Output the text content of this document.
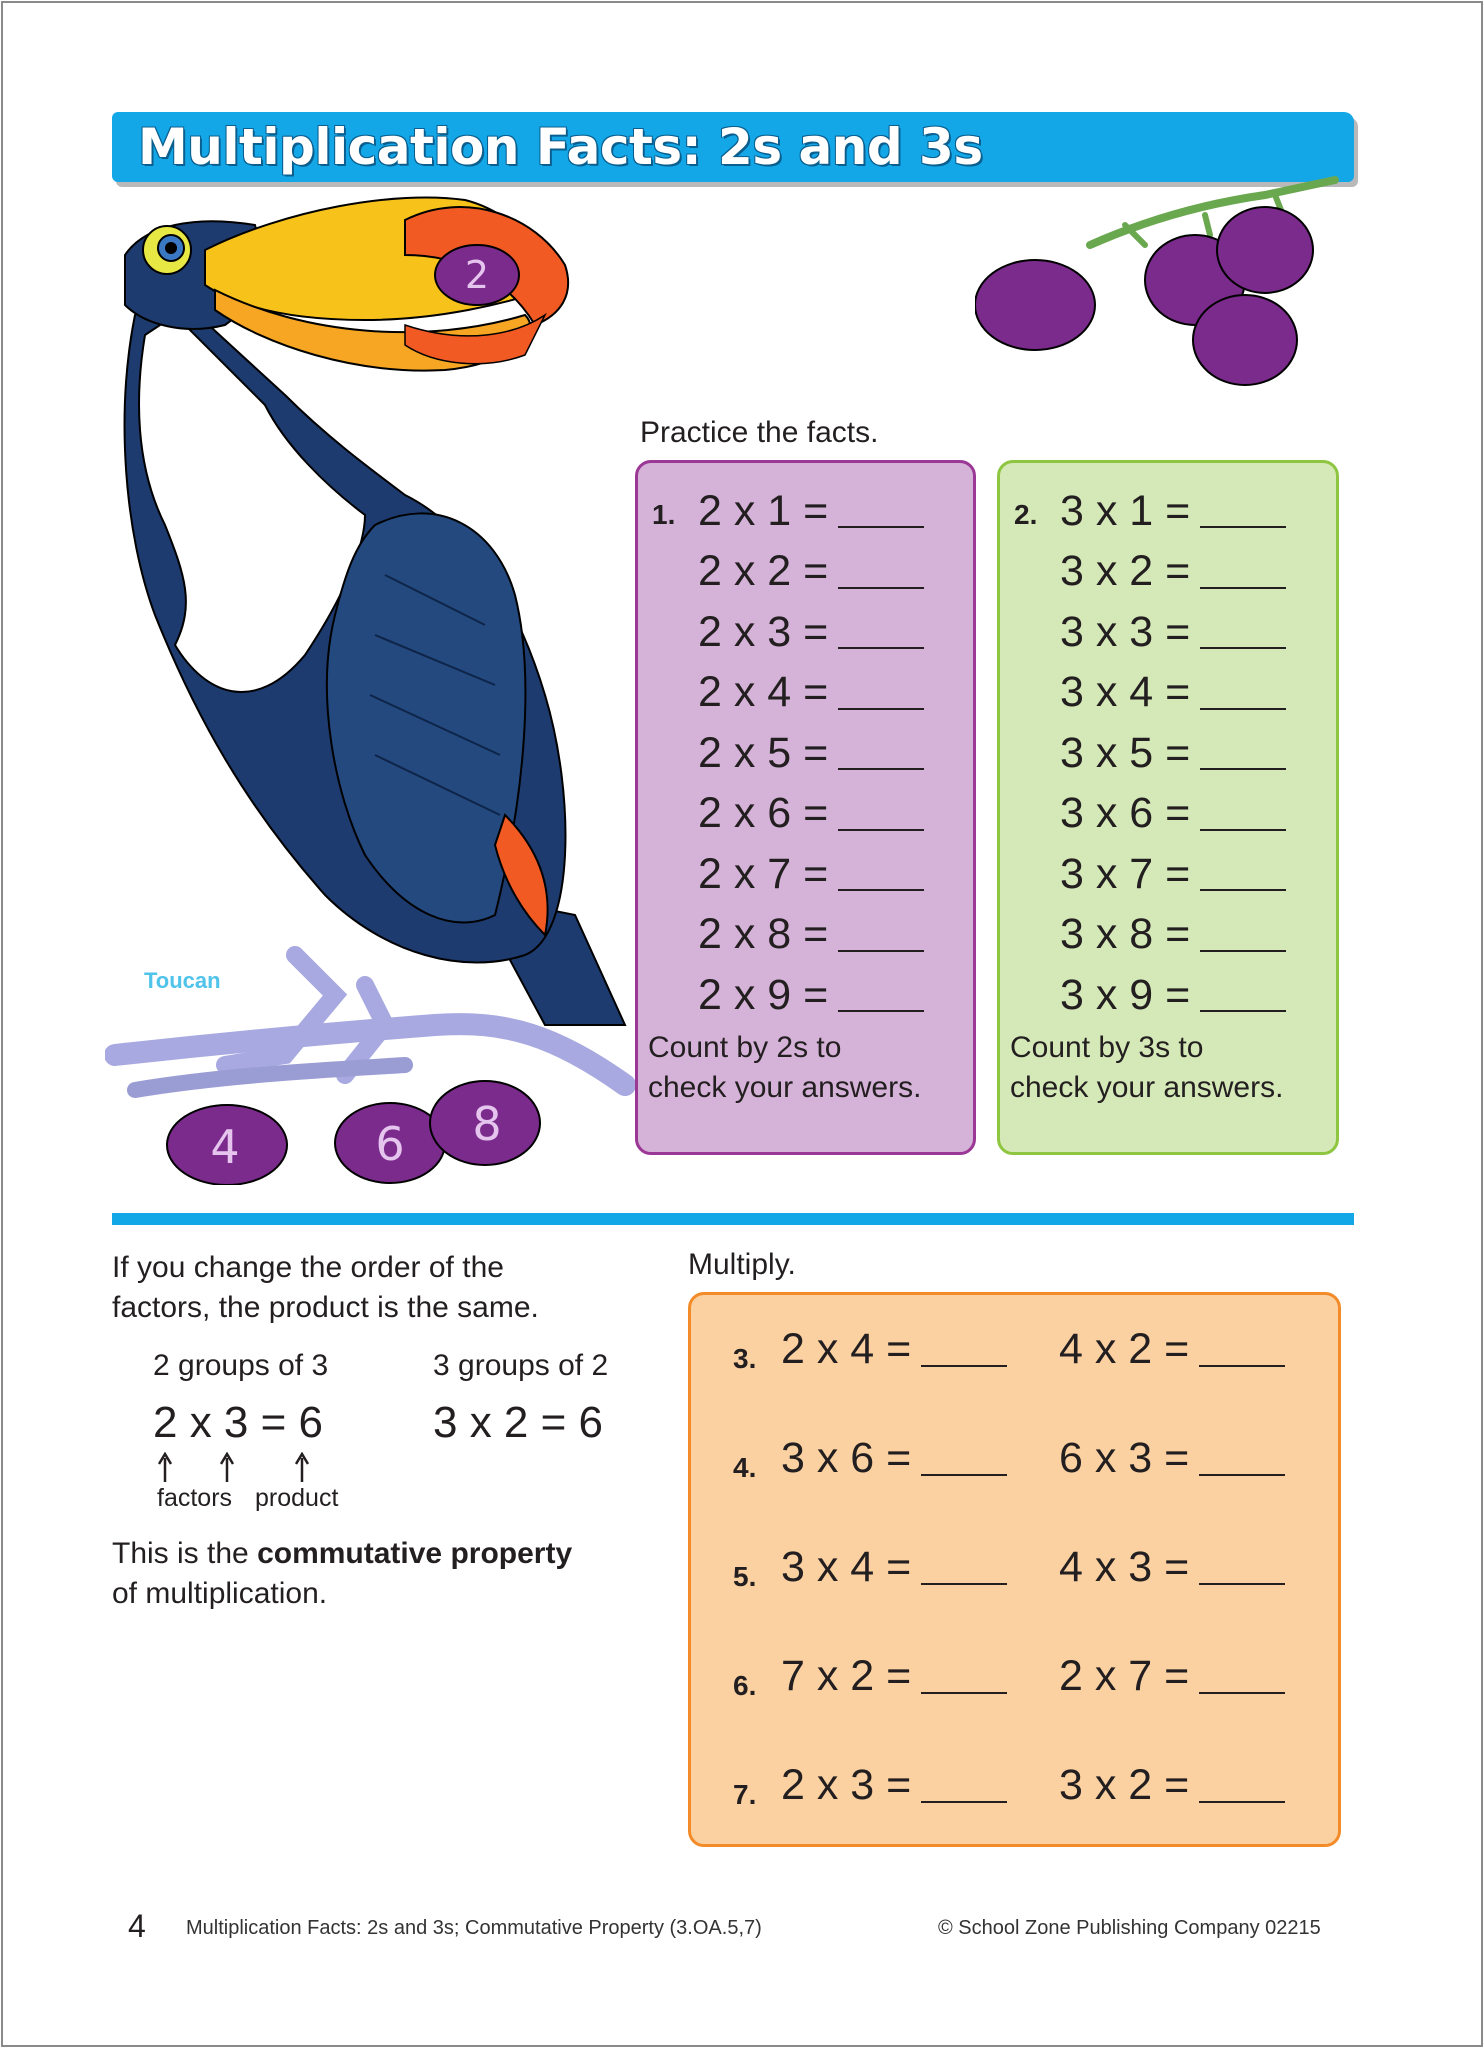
Multiplication Facts: 2s and 3s
2
4	6 8
Toucan
Practice the facts.
1. 2 x 1 =
2 x 2 =
2 x 3 =
2 x 4 =
2 x 5 =
2 x 6 =
2 x 7 =
2 x 8 =
2 x 9 =
Count by 2s to
check your answers.
2. 3 x 1 =
3 x 2 =
3 x 3 =
3 x 4 =
3 x 5 =
3 x 6 =
3 x 7 =
3 x 8 =
3 x 9 =
Count by 3s to
check your answers.
If you change the order of the
factors, the product is the same.
2 groups of 3	3 groups of 2
2 x 3 = 6 3 x 2 = 6
factors product
This is the commutative property
of multiplication.
Multiply.
3. 2 x 4 =	4 x 2 =
4. 3 x 6 =	6 x 3 =
5. 3 x 4 =	4 x 3 =
6. 7 x 2 =	2 x 7 =
7. 2 x 3 =	3 x 2 =
4 Multiplication Facts: 2s and 3s; Commutative Property (3.OA.5,7)	© School Zone Publishing Company 02215
